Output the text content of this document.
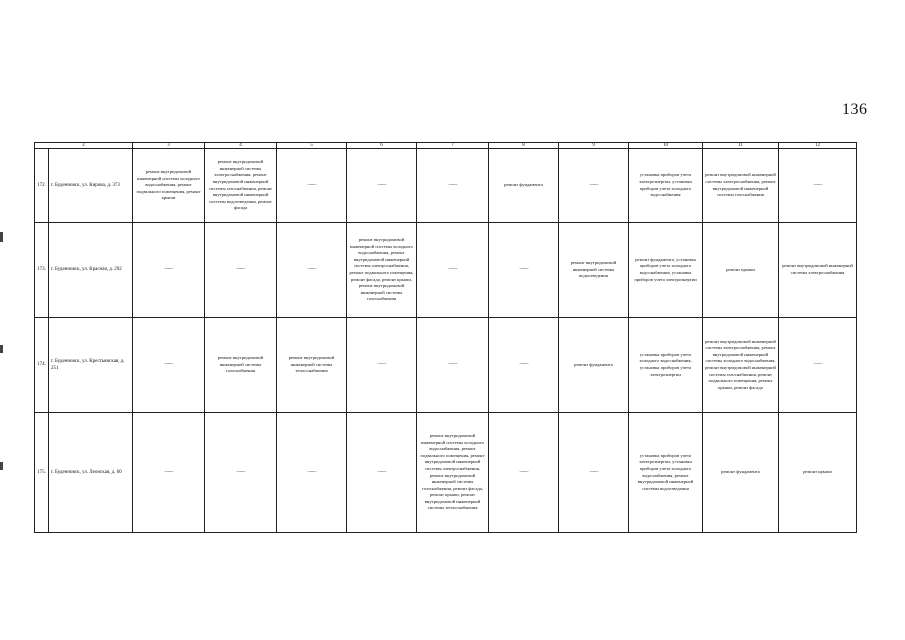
136
2		3	4	5	6	7	8	9	10	11	12
172.	г. Буденновск, ул. Кирова, д. 373	ремонт внутридомовой инженерной системы холодного водоснабжения, ремонт подвального помещения, ремонт крыши	ремонт внутридомовой инженерной системы электроснабжения, ремонт внутридомовой инженерной системы газоснабжения, ремонт внутридомовой инженерной системы водоотведения, ремонт фасада	——	——	——	ремонт фундамента	——	установка приборов учета электроэнергии, установка приборов учета холодного водоснабжения	ремонт внутридомовой инженерной системы электроснабжения, ремонт внутридомовой инженерной системы газоснабжения	——
173.	г. Буденновск, ул. Красная, д. 292	——	——	——	ремонт внутридомовой инженерной системы холодного водоснабжения, ремонт внутридомовой инженерной системы электроснабжения, ремонт подвального помещения, ремонт фасада, ремонт крыши, ремонт внутридомовой инженерной системы газоснабжения	——	——	ремонт внутридомовой инженерной системы водоотведения	ремонт фундамента, установка приборов учета холодного водоснабжения, установка приборов учета электроэнергии	ремонт крыши	ремонт внутридомовой инженерной системы электроснабжения
174.	г. Буденновск, ул. Крестьянская, д. 251	——	ремонт внутридомовой инженерной системы газоснабжения	ремонт внутридомовой инженерной системы теплоснабжения	——	——	——	ремонт фундамента	установка приборов учета холодного водоснабжения, установка приборов учета электроэнергии	ремонт внутридомовой инженерной системы электроснабжения, ремонт внутридомовой инженерной системы холодного водоснабжения, ремонт внутридомовой инженерной системы газоснабжения, ремонт подвального помещения, ремонт крыши, ремонт фасада	——
175.	г. Буденновск, ул. Леонская, д. 60	——	——	——	——	ремонт внутридомовой инженерной системы холодного водоснабжения, ремонт подвального помещения, ремонт внутридомовой инженерной системы электроснабжения, ремонт внутридомовой инженерной системы газоснабжения, ремонт фасада, ремонт крыши, ремонт внутридомовой инженерной системы теплоснабжения	——	——	установка приборов учета электроэнергии, установка приборов учета холодного водоснабжения, ремонт внутридомовой инженерной системы водоотведения	ремонт фундамента	ремонт крыши
